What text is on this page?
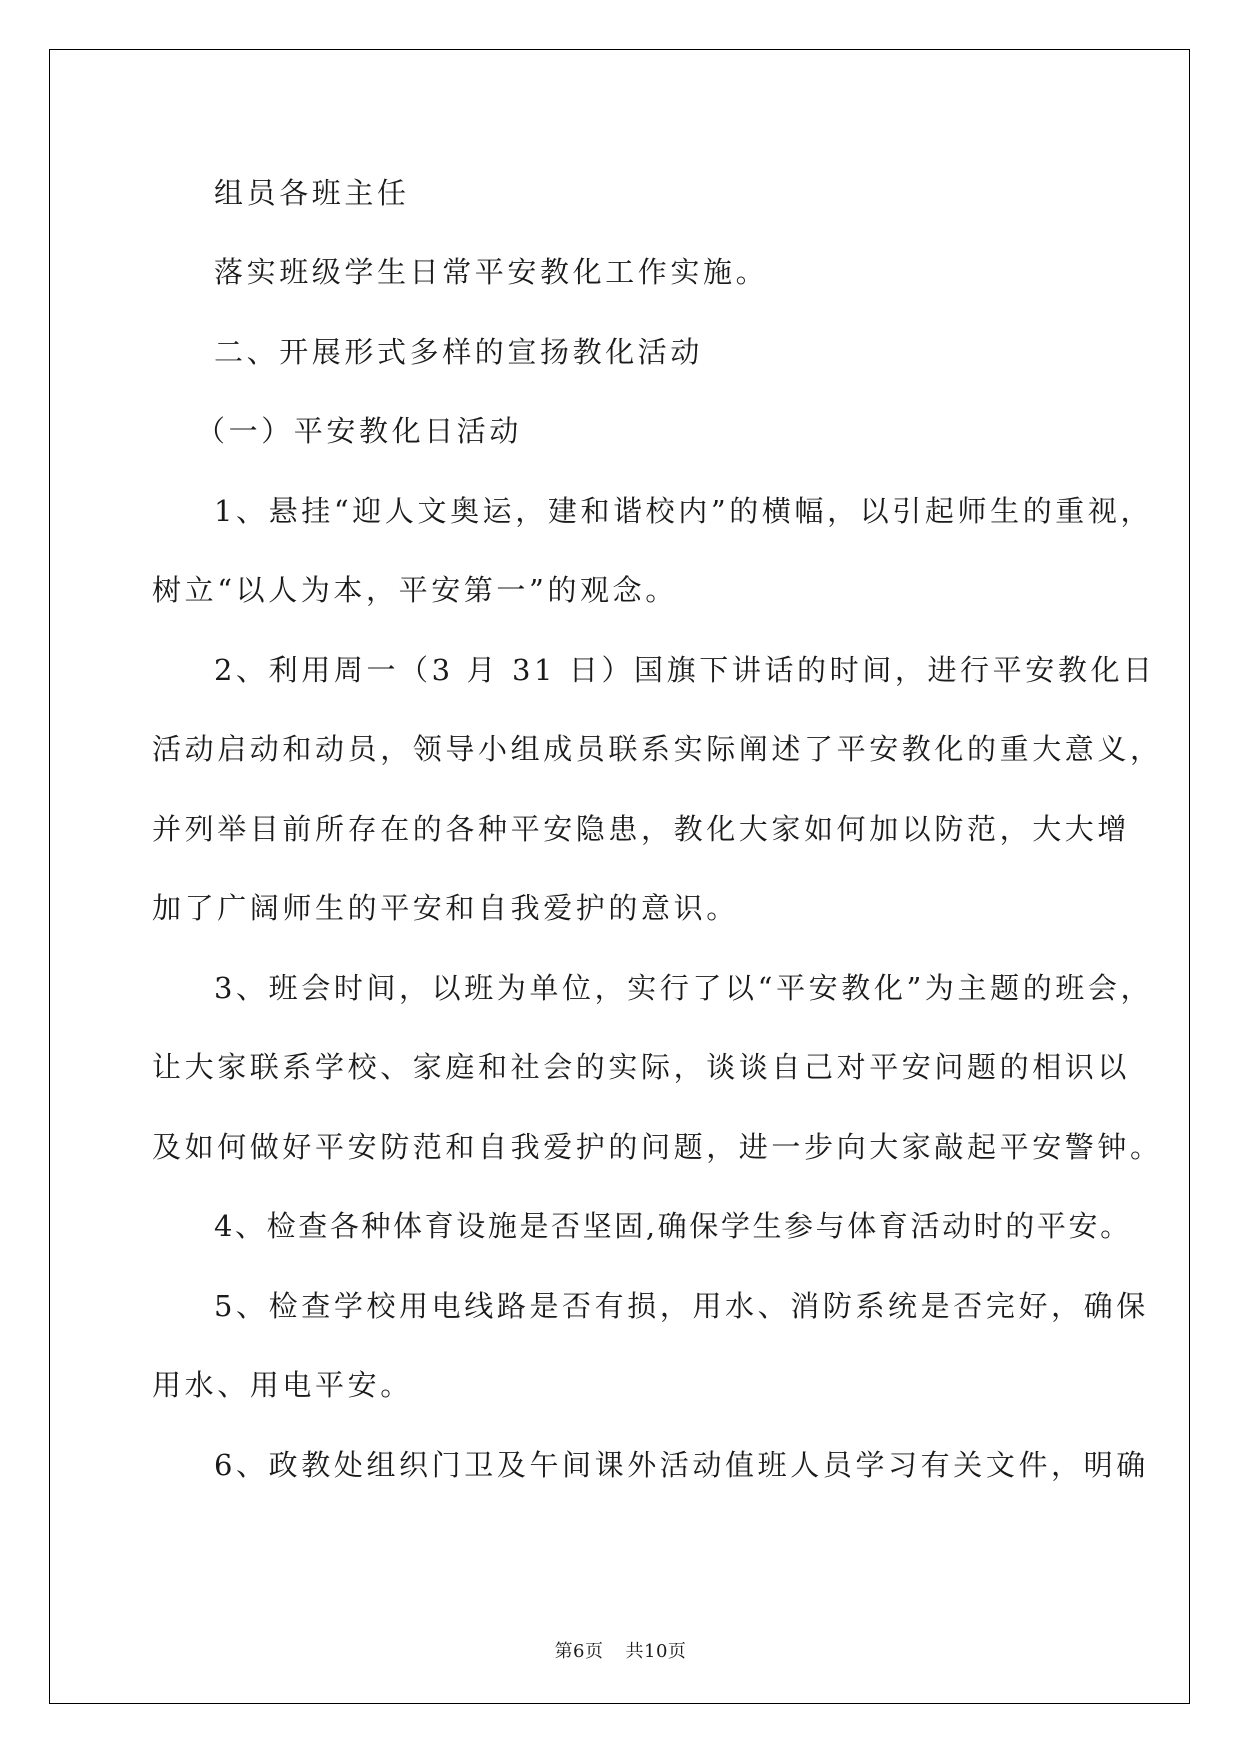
组员各班主任

落实班级学生日常平安教化工作实施。

二、开展形式多样的宣扬教化活动

（一）平安教化日活动

1、悬挂“迎人文奥运，建和谐校内”的横幅，以引起师生的重视，

树立“以人为本，平安第一”的观念。

2、利用周一（3 月 31 日）国旗下讲话的时间，进行平安教化日

活动启动和动员，领导小组成员联系实际阐述了平安教化的重大意义，

并列举目前所存在的各种平安隐患，教化大家如何加以防范，大大增

加了广阔师生的平安和自我爱护的意识。

3、班会时间，以班为单位，实行了以“平安教化”为主题的班会，

让大家联系学校、家庭和社会的实际，谈谈自己对平安问题的相识以

及如何做好平安防范和自我爱护的问题，进一步向大家敲起平安警钟。

4、检查各种体育设施是否坚固,确保学生参与体育活动时的平安。

5、检查学校用电线路是否有损，用水、消防系统是否完好，确保

用水、用电平安。

6、政教处组织门卫及午间课外活动值班人员学习有关文件，明确

第6页 共10页
